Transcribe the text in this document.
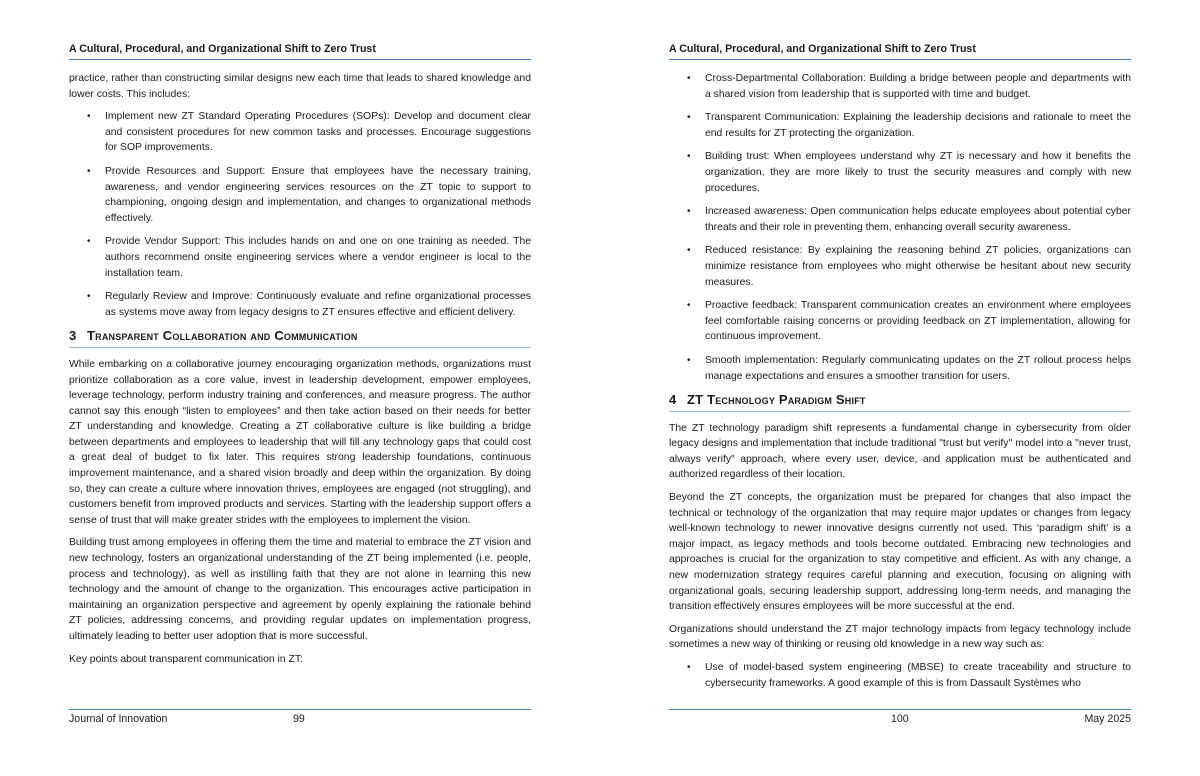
A Cultural, Procedural, and Organizational Shift to Zero Trust

practice, rather than constructing similar designs new each time that leads to shared knowledge and lower costs. This includes:

• Implement new ZT Standard Operating Procedures (SOPs): Develop and document clear and consistent procedures for new common tasks and processes. Encourage suggestions for SOP improvements.
• Provide Resources and Support: Ensure that employees have the necessary training, awareness, and vendor engineering services resources on the ZT topic to support to championing, ongoing design and implementation, and changes to organizational methods effectively.
• Provide Vendor Support: This includes hands on and one on one training as needed. The authors recommend onsite engineering services where a vendor engineer is local to the installation team.
• Regularly Review and Improve: Continuously evaluate and refine organizational processes as systems move away from legacy designs to ZT ensures effective and efficient delivery.
3 Transparent Collaboration and Communication

While embarking on a collaborative journey encouraging organization methods, organizations must prioritize collaboration as a core value, invest in leadership development, empower employees, leverage technology, perform industry training and conferences, and measure progress. The author cannot say this enough “listen to employees” and then take action based on their needs for better ZT understanding and knowledge. Creating a ZT collaborative culture is like building a bridge between departments and employees to leadership that will fill any technology gaps that could cost a great deal of budget to fix later. This requires strong leadership foundations, continuous improvement maintenance, and a shared vision broadly and deep within the organization. By doing so, they can create a culture where innovation thrives, employees are engaged (not struggling), and customers benefit from improved products and services. Starting with the leadership support offers a sense of trust that will make greater strides with the employees to implement the vision.

Building trust among employees in offering them the time and material to embrace the ZT vision and new technology, fosters an organizational understanding of the ZT being implemented (i.e. people, process and technology), as well as instilling faith that they are not alone in learning this new technology and the amount of change to the organization. This encourages active participation in maintaining an organization perspective and agreement by openly explaining the rationale behind ZT policies, addressing concerns, and providing regular updates on implementation progress, ultimately leading to better user adoption that is more successful.

Key points about transparent communication in ZT:

Journal of Innovation	99
A Cultural, Procedural, and Organizational Shift to Zero Trust
• Cross-Departmental Collaboration: Building a bridge between people and departments with a shared vision from leadership that is supported with time and budget.
• Transparent Communication: Explaining the leadership decisions and rationale to meet the end results for ZT protecting the organization.
• Building trust: When employees understand why ZT is necessary and how it benefits the organization, they are more likely to trust the security measures and comply with new procedures.
• Increased awareness: Open communication helps educate employees about potential cyber threats and their role in preventing them, enhancing overall security awareness.
• Reduced resistance: By explaining the reasoning behind ZT policies, organizations can minimize resistance from employees who might otherwise be hesitant about new security measures.
• Proactive feedback: Transparent communication creates an environment where employees feel comfortable raising concerns or providing feedback on ZT implementation, allowing for continuous improvement.
• Smooth implementation: Regularly communicating updates on the ZT rollout process helps manage expectations and ensures a smoother transition for users.
4 ZT Technology Paradigm Shift

The ZT technology paradigm shift represents a fundamental change in cybersecurity from older legacy designs and implementation that include traditional "trust but verify" model into a "never trust, always verify" approach, where every user, device, and application must be authenticated and authorized regardless of their location.

Beyond the ZT concepts, the organization must be prepared for changes that also impact the technical or technology of the organization that may require major updates or changes from legacy well-known technology to newer innovative designs currently not used. This ‘paradigm shift’ is a major impact, as legacy methods and tools become outdated. Embracing new technologies and approaches is crucial for the organization to stay competitive and efficient. As with any change, a new modernization strategy requires careful planning and execution, focusing on aligning with organizational goals, securing leadership support, addressing long-term needs, and managing the transition effectively ensures employees will be more successful at the end.

Organizations should understand the ZT major technology impacts from legacy technology include sometimes a new way of thinking or reusing old knowledge in a new way such as:

• Use of model-based system engineering (MBSE) to create traceability and structure to cybersecurity frameworks. A good example of this is from Dassault Systèmes who
100	May 2025
